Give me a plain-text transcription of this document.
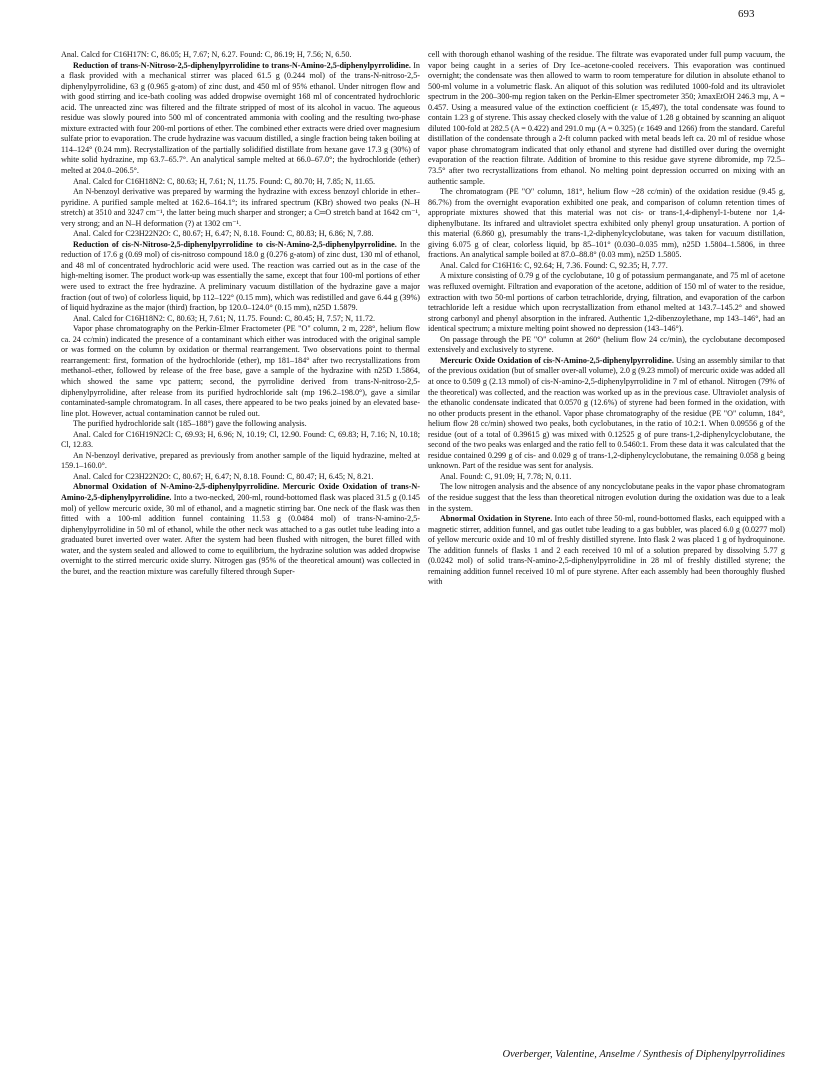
693

Anal. Calcd for C16H17N: C, 86.05; H, 7.67; N, 6.27. Found: C, 86.19; H, 7.56; N, 6.50.

Reduction of trans-N-Nitroso-2,5-diphenylpyrrolidine to trans-N-Amino-2,5-diphenylpyrrolidine. In a flask provided with a mechanical stirrer was placed 61.5 g (0.244 mol) of the trans-N-nitroso-2,5-diphenylpyrrolidine, 63 g (0.965 g-atom) of zinc dust, and 450 ml of 95% ethanol. Under nitrogen flow and with good stirring and ice-bath cooling was added dropwise overnight 168 ml of concentrated hydrochloric acid. The unreacted zinc was filtered and the filtrate stripped of most of its alcohol in vacuo. The aqueous residue was slowly poured into 500 ml of concentrated ammonia with cooling and the resulting two-phase mixture extracted with four 200-ml portions of ether. The combined ether extracts were dried over magnesium sulfate prior to evaporation. The crude hydrazine was vacuum distilled, a single fraction being taken boiling at 114–124° (0.24 mm). Recrystallization of the partially solidified distillate from hexane gave 17.3 g (30%) of white solid hydrazine, mp 63.7–65.7°. An analytical sample melted at 66.0–67.0°; the hydrochloride (ether) melted at 204.0–206.5°.

Anal. Calcd for C16H18N2: C, 80.63; H, 7.61; N, 11.75. Found: C, 80.70; H, 7.85; N, 11.65.

An N-benzoyl derivative was prepared by warming the hydrazine with excess benzoyl chloride in ether–pyridine. A purified sample melted at 162.6–164.1°; its infrared spectrum (KBr) showed two peaks (N–H stretch) at 3510 and 3247 cm⁻¹, the latter being much sharper and stronger; a C═O stretch band at 1642 cm⁻¹, very strong; and an N–H deformation (?) at 1302 cm⁻¹.

Anal. Calcd for C23H22N2O: C, 80.67; H, 6.47; N, 8.18. Found: C, 80.83; H, 6.86; N, 7.88.

Reduction of cis-N-Nitroso-2,5-diphenylpyrrolidine to cis-N-Amino-2,5-diphenylpyrrolidine. In the reduction of 17.6 g (0.69 mol) of cis-nitroso compound 18.0 g (0.276 g-atom) of zinc dust, 130 ml of ethanol, and 48 ml of concentrated hydrochloric acid were used. The reaction was carried out as in the case of the high-melting isomer. The product work-up was essentially the same, except that four 100-ml portions of ether were used to extract the free hydrazine. A preliminary vacuum distillation of the hydrazine gave a major fraction (out of two) of colorless liquid, bp 112–122° (0.15 mm), which was redistilled and gave 6.44 g (39%) of liquid hydrazine as the major (third) fraction, bp 120.0–124.0° (0.15 mm), n25D 1.5879.

Anal. Calcd for C16H18N2: C, 80.63; H, 7.61; N, 11.75. Found: C, 80.45; H, 7.57; N, 11.72.

Vapor phase chromatography on the Perkin-Elmer Fractometer (PE "O" column, 2 m, 228°, helium flow ca. 24 cc/min) indicated the presence of a contaminant which either was introduced with the original sample or was formed on the column by oxidation or thermal rearrangement. Two observations point to thermal rearrangement: first, formation of the hydrochloride (ether), mp 181–184° after two recrystallizations from methanol–ether, followed by release of the free base, gave a sample of the hydrazine with n25D 1.5864, which showed the same vpc pattern; second, the pyrrolidine derived from trans-N-nitroso-2,5-diphenylpyrrolidine, after release from its purified hydrochloride salt (mp 196.2–198.0°), gave a similar contaminated-sample chromatogram. In all cases, there appeared to be two peaks joined by an elevated base-line plot. However, actual contamination cannot be ruled out.

The purified hydrochloride salt (185–188°) gave the following analysis.

Anal. Calcd for C16H19N2Cl: C, 69.93; H, 6.96; N, 10.19; Cl, 12.90. Found: C, 69.83; H, 7.16; N, 10.18; Cl, 12.83.

An N-benzoyl derivative, prepared as previously from another sample of the liquid hydrazine, melted at 159.1–160.0°.

Anal. Calcd for C23H22N2O: C, 80.67; H, 6.47; N, 8.18. Found: C, 80.47; H, 6.45; N, 8.21.

Abnormal Oxidation of N-Amino-2,5-diphenylpyrrolidine. Mercuric Oxide Oxidation of trans-N-Amino-2,5-diphenylpyrrolidine. Into a two-necked, 200-ml, round-bottomed flask was placed 31.5 g (0.145 mol) of yellow mercuric oxide, 30 ml of ethanol, and a magnetic stirring bar. One neck of the flask was then fitted with a 100-ml addition funnel containing 11.53 g (0.0484 mol) of trans-N-amino-2,5-diphenylpyrrolidine in 50 ml of ethanol, while the other neck was attached to a gas outlet tube leading into a graduated buret inverted over water. After the system had been flushed with nitrogen, the buret filled with water, and the system sealed and allowed to come to equilibrium, the hydrazine solution was added dropwise overnight to the stirred mercuric oxide slurry. Nitrogen gas (95% of the theoretical amount) was collected in the buret, and the reaction mixture was carefully filtered through Super-

cell with thorough ethanol washing of the residue. The filtrate was evaporated under full pump vacuum, the vapor being caught in a series of Dry Ice–acetone-cooled receivers. This evaporation was continued overnight; the condensate was then allowed to warm to room temperature for dilution in absolute ethanol to 500-ml volume in a volumetric flask. An aliquot of this solution was rediluted 1000-fold and its ultraviolet spectrum in the 200–300-mμ region taken on the Perkin-Elmer spectrometer 350; λmaxEtOH 246.3 mμ, A = 0.457. Using a measured value of the extinction coefficient (ε 15,497), the total condensate was found to contain 1.23 g of styrene. This assay checked closely with the value of 1.28 g obtained by scanning an aliquot diluted 100-fold at 282.5 (A = 0.422) and 291.0 mμ (A = 0.325) (ε 1649 and 1266) from the standard. Careful distillation of the condensate through a 2-ft column packed with metal beads left ca. 20 ml of residue whose vapor phase chromatogram indicated that only ethanol and styrene had distilled over during the overnight evaporation of the reaction filtrate. Addition of bromine to this residue gave styrene dibromide, mp 72.5–73.5° after two recrystallizations from ethanol. No melting point depression occurred on mixing with an authentic sample.

The chromatogram (PE "O" column, 181°, helium flow ~28 cc/min) of the oxidation residue (9.45 g, 86.7%) from the overnight evaporation exhibited one peak, and comparison of column retention times of appropriate mixtures showed that this material was not cis- or trans-1,4-diphenyl-1-butene nor 1,4-diphenylbutane. Its infrared and ultraviolet spectra exhibited only phenyl group unsaturation. A portion of this material (6.860 g), presumably the trans-1,2-diphenylcyclobutane, was taken for vacuum distillation, giving 6.075 g of clear, colorless liquid, bp 85–101° (0.030–0.035 mm), n25D 1.5804–1.5806, in three fractions. An analytical sample boiled at 87.0–88.8° (0.03 mm), n25D 1.5805.

Anal. Calcd for C16H16: C, 92.64; H, 7.36. Found: C, 92.35; H, 7.77.

A mixture consisting of 0.79 g of the cyclobutane, 10 g of potassium permanganate, and 75 ml of acetone was refluxed overnight. Filtration and evaporation of the acetone, addition of 150 ml of water to the residue, extraction with two 50-ml portions of carbon tetrachloride, drying, filtration, and evaporation of the carbon tetrachloride left a residue which upon recrystallization from ethanol melted at 143.7–145.2° and showed strong carbonyl and phenyl absorption in the infrared. Authentic 1,2-dibenzoylethane, mp 143–146°, had an identical spectrum; a mixture melting point showed no depression (143–146°).

On passage through the PE "O" column at 260° (helium flow 24 cc/min), the cyclobutane decomposed extensively and exclusively to styrene.

Mercuric Oxide Oxidation of cis-N-Amino-2,5-diphenylpyrrolidine. Using an assembly similar to that of the previous oxidation (but of smaller over-all volume), 2.0 g (9.23 mmol) of mercuric oxide was added all at once to 0.509 g (2.13 mmol) of cis-N-amino-2,5-diphenylpyrrolidine in 7 ml of ethanol. Nitrogen (79% of the theoretical) was collected, and the reaction was worked up as in the previous case. Ultraviolet analysis of the ethanolic condensate indicated that 0.0570 g (12.6%) of styrene had been formed in the oxidation, with no other products present in the ethanol. Vapor phase chromatography of the residue (PE "O" column, 184°, helium flow 28 cc/min) showed two peaks, both cyclobutanes, in the ratio of 10.2:1. When 0.09556 g of the residue (out of a total of 0.39615 g) was mixed with 0.12525 g of pure trans-1,2-diphenylcyclobutane, the second of the two peaks was enlarged and the ratio fell to 0.5460:1. From these data it was calculated that the residue contained 0.299 g of cis- and 0.029 g of trans-1,2-diphenylcyclobutane, the remaining 0.058 g being unknown. Part of the residue was sent for analysis.

Anal. Found: C, 91.09; H, 7.78; N, 0.11.

The low nitrogen analysis and the absence of any noncyclobutane peaks in the vapor phase chromatogram of the residue suggest that the less than theoretical nitrogen evolution during the oxidation was due to a leak in the system.

Abnormal Oxidation in Styrene. Into each of three 50-ml, round-bottomed flasks, each equipped with a magnetic stirrer, addition funnel, and gas outlet tube leading to a gas bubbler, was placed 6.0 g (0.0277 mol) of yellow mercuric oxide and 10 ml of freshly distilled styrene. Into flask 2 was placed 1 g of hydroquinone. The addition funnels of flasks 1 and 2 each received 10 ml of a solution prepared by dissolving 5.77 g (0.0242 mol) of solid trans-N-amino-2,5-diphenylpyrrolidine in 28 ml of freshly distilled styrene; the remaining addition funnel received 10 ml of pure styrene. After each assembly had been thoroughly flushed with

Overberger, Valentine, Anselme / Synthesis of Diphenylpyrrolidines
